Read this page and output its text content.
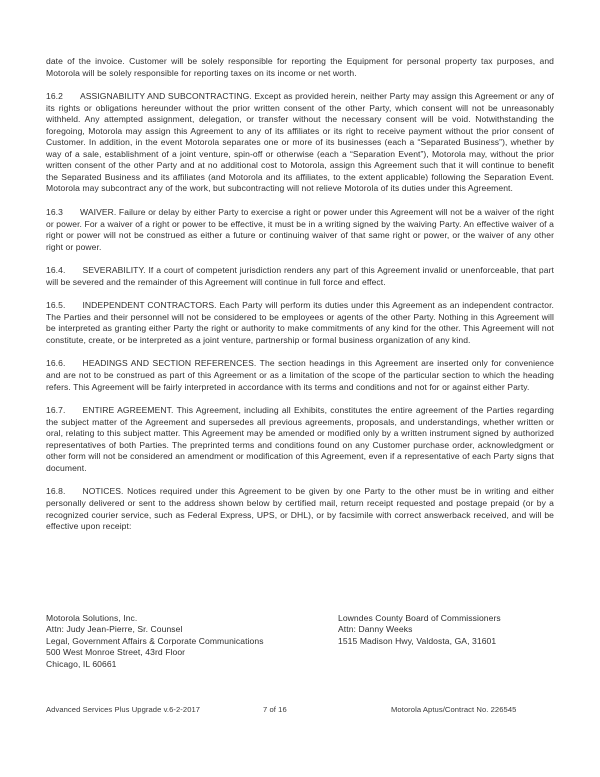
date of the invoice. Customer will be solely responsible for reporting the Equipment for personal property tax purposes, and Motorola will be solely responsible for reporting taxes on its income or net worth.

16.2 ASSIGNABILITY AND SUBCONTRACTING. Except as provided herein, neither Party may assign this Agreement or any of its rights or obligations hereunder without the prior written consent of the other Party, which consent will not be unreasonably withheld. Any attempted assignment, delegation, or transfer without the necessary consent will be void. Notwithstanding the foregoing, Motorola may assign this Agreement to any of its affiliates or its right to receive payment without the prior consent of Customer. In addition, in the event Motorola separates one or more of its businesses (each a “Separated Business”), whether by way of a sale, establishment of a joint venture, spin-off or otherwise (each a “Separation Event”), Motorola may, without the prior written consent of the other Party and at no additional cost to Motorola, assign this Agreement such that it will continue to benefit the Separated Business and its affiliates (and Motorola and its affiliates, to the extent applicable) following the Separation Event. Motorola may subcontract any of the work, but subcontracting will not relieve Motorola of its duties under this Agreement.

16.3 WAIVER. Failure or delay by either Party to exercise a right or power under this Agreement will not be a waiver of the right or power. For a waiver of a right or power to be effective, it must be in a writing signed by the waiving Party. An effective waiver of a right or power will not be construed as either a future or continuing waiver of that same right or power, or the waiver of any other right or power.

16.4. SEVERABILITY. If a court of competent jurisdiction renders any part of this Agreement invalid or unenforceable, that part will be severed and the remainder of this Agreement will continue in full force and effect.

16.5. INDEPENDENT CONTRACTORS. Each Party will perform its duties under this Agreement as an independent contractor. The Parties and their personnel will not be considered to be employees or agents of the other Party. Nothing in this Agreement will be interpreted as granting either Party the right or authority to make commitments of any kind for the other. This Agreement will not constitute, create, or be interpreted as a joint venture, partnership or formal business organization of any kind.

16.6. HEADINGS AND SECTION REFERENCES. The section headings in this Agreement are inserted only for convenience and are not to be construed as part of this Agreement or as a limitation of the scope of the particular section to which the heading refers. This Agreement will be fairly interpreted in accordance with its terms and conditions and not for or against either Party.

16.7. ENTIRE AGREEMENT. This Agreement, including all Exhibits, constitutes the entire agreement of the Parties regarding the subject matter of the Agreement and supersedes all previous agreements, proposals, and understandings, whether written or oral, relating to this subject matter. This Agreement may be amended or modified only by a written instrument signed by authorized representatives of both Parties. The preprinted terms and conditions found on any Customer purchase order, acknowledgment or other form will not be considered an amendment or modification of this Agreement, even if a representative of each Party signs that document.

16.8. NOTICES. Notices required under this Agreement to be given by one Party to the other must be in writing and either personally delivered or sent to the address shown below by certified mail, return receipt requested and postage prepaid (or by a recognized courier service, such as Federal Express, UPS, or DHL), or by facsimile with correct answerback received, and will be effective upon receipt:

Motorola Solutions, Inc.
Attn: Judy Jean-Pierre, Sr. Counsel
Legal, Government Affairs & Corporate Communications
500 West Monroe Street, 43rd Floor
Chicago, IL 60661
Lowndes County Board of Commissioners
Attn: Danny Weeks
1515 Madison Hwy, Valdosta, GA, 31601
Advanced Services Plus Upgrade v.6-2-2017	7 of 16	Motorola Aptus/Contract No. 226545
